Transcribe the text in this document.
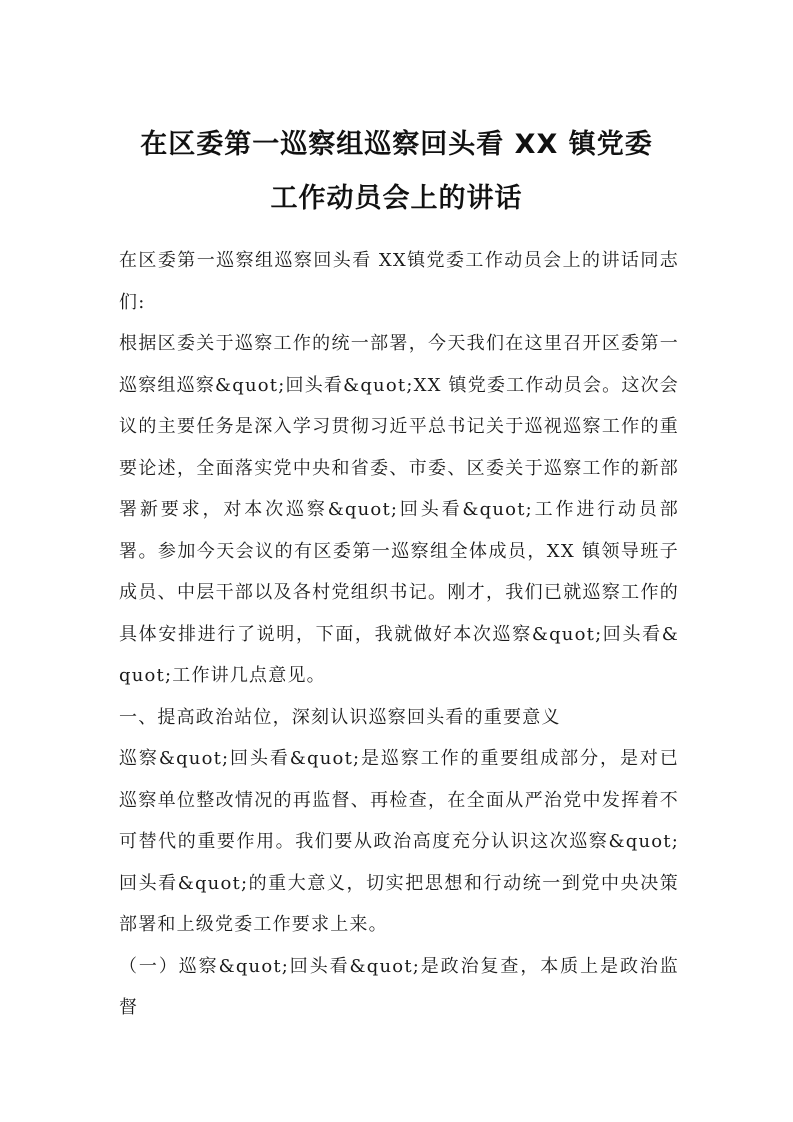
在区委第一巡察组巡察回头看 XX 镇党委
工作动员会上的讲话

在区委第一巡察组巡察回头看 XX镇党委工作动员会上的讲话同志们:

根据区委关于巡察工作的统一部署，今天我们在这里召开区委第一巡察组巡察&quot;回头看&quot;XX 镇党委工作动员会。这次会议的主要任务是深入学习贯彻习近平总书记关于巡视巡察工作的重要论述，全面落实党中央和省委、市委、区委关于巡察工作的新部署新要求，对本次巡察&quot;回头看&quot;工作进行动员部署。参加今天会议的有区委第一巡察组全体成员，XX 镇领导班子成员、中层干部以及各村党组织书记。刚才，我们已就巡察工作的具体安排进行了说明，下面，我就做好本次巡察&quot;回头看&quot;工作讲几点意见。

一、提高政治站位，深刻认识巡察回头看的重要意义

巡察&quot;回头看&quot;是巡察工作的重要组成部分，是对已巡察单位整改情况的再监督、再检查，在全面从严治党中发挥着不可替代的重要作用。我们要从政治高度充分认识这次巡察&quot;回头看&quot;的重大意义，切实把思想和行动统一到党中央决策部署和上级党委工作要求上来。

（一）巡察&quot;回头看&quot;是政治复查，本质上是政治监督
